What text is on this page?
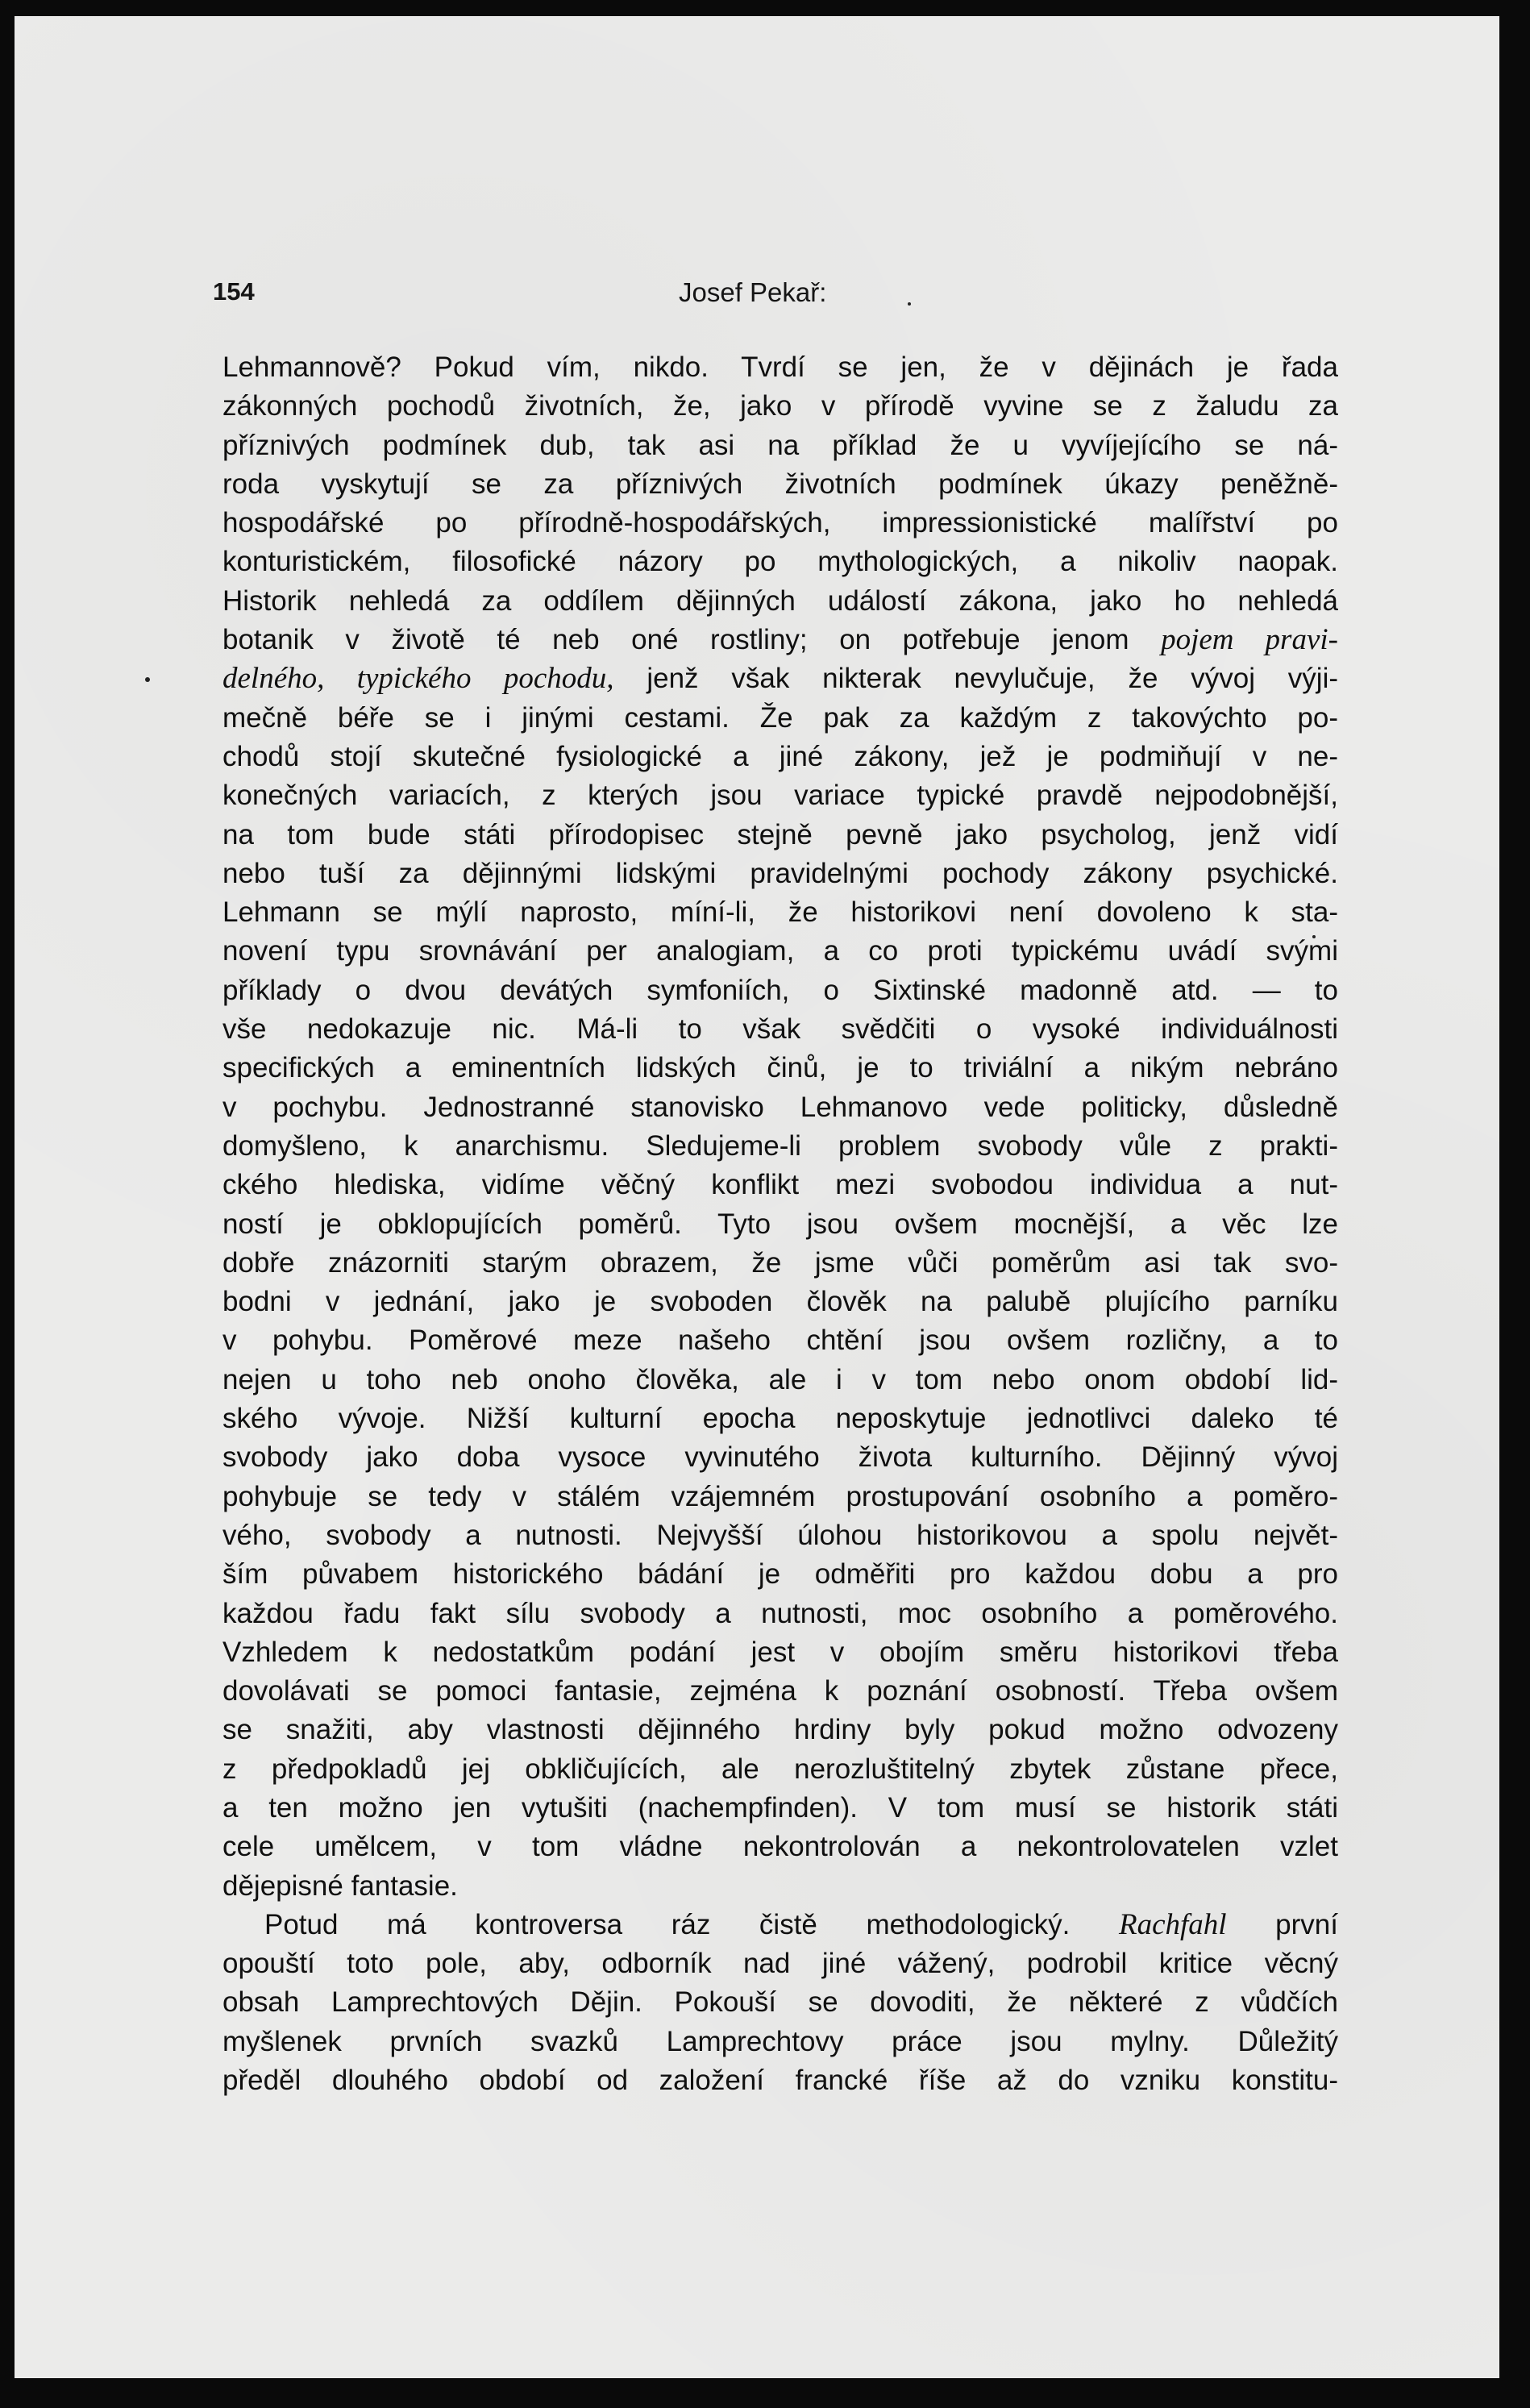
154	Josef Pekař:
Lehmannově? Pokud vím, nikdo. Tvrdí se jen, že v dějinách je řada
zákonných pochodů životních, že, jako v přírodě vyvine se z žaludu za
příznivých podmínek dub, tak asi na příklad že u vyvíjejícího se ná-
roda vyskytují se za příznivých životních podmínek úkazy peněžně-
hospodářské po přírodně-hospodářských, impressionistické malířství po
konturistickém, filosofické názory po mythologických, a nikoliv naopak.
Historik nehledá za oddílem dějinných událostí zákona, jako ho nehledá
botanik v životě té neb oné rostliny; on potřebuje jenom pojem pravi-
delného, typického pochodu, jenž však nikterak nevylučuje, že vývoj výji-
mečně béře se i jinými cestami. Že pak za každým z takovýchto po-
chodů stojí skutečné fysiologické a jiné zákony, jež je podmiňují v ne-
konečných variacích, z kterých jsou variace typické pravdě nejpodobnější,
na tom bude státi přírodopisec stejně pevně jako psycholog, jenž vidí
nebo tuší za dějinnými lidskými pravidelnými pochody zákony psychické.
Lehmann se mýlí naprosto, míní-li, že historikovi není dovoleno k sta-
novení typu srovnávání per analogiam, a co proti typickému uvádí svými
příklady o dvou devátých symfoniích, o Sixtinské madonně atd. — to
vše nedokazuje nic. Má-li to však svědčiti o vysoké individuálnosti
specifických a eminentních lidských činů, je to triviální a nikým nebráno
v pochybu. Jednostranné stanovisko Lehmanovo vede politicky, důsledně
domyšleno, k anarchismu. Sledujeme-li problem svobody vůle z prakti-
ckého hlediska, vidíme věčný konflikt mezi svobodou individua a nut-
ností je obklopujících poměrů. Tyto jsou ovšem mocnější, a věc lze
dobře znázorniti starým obrazem, že jsme vůči poměrům asi tak svo-
bodni v jednání, jako je svoboden člověk na palubě plujícího parníku
v pohybu. Poměrové meze našeho chtění jsou ovšem rozličny, a to
nejen u toho neb onoho člověka, ale i v tom nebo onom období lid-
ského vývoje. Nižší kulturní epocha neposkytuje jednotlivci daleko té
svobody jako doba vysoce vyvinutého života kulturního. Dějinný vývoj
pohybuje se tedy v stálém vzájemném prostupování osobního a poměro-
vého, svobody a nutnosti. Nejvyšší úlohou historikovou a spolu největ-
ším půvabem historického bádání je odměřiti pro každou dobu a pro
každou řadu fakt sílu svobody a nutnosti, moc osobního a poměrového.
Vzhledem k nedostatkům podání jest v obojím směru historikovi třeba
dovolávati se pomoci fantasie, zejména k poznání osobností. Třeba ovšem
se snažiti, aby vlastnosti dějinného hrdiny byly pokud možno odvozeny
z předpokladů jej obkličujících, ale nerozluštitelný zbytek zůstane přece,
a ten možno jen vytušiti (nachempfinden). V tom musí se historik státi
cele umělcem, v tom vládne nekontrolován a nekontrolovatelen vzlet
dějepisné fantasie.
Potud má kontroversa ráz čistě methodologický. Rachfahl první
opouští toto pole, aby, odborník nad jiné vážený, podrobil kritice věcný
obsah Lamprechtových Dějin. Pokouší se dovoditi, že některé z vůdčích
myšlenek prvních svazků Lamprechtovy práce jsou mylny. Důležitý
předěl dlouhého období od založení francké říše až do vzniku konstitu-
